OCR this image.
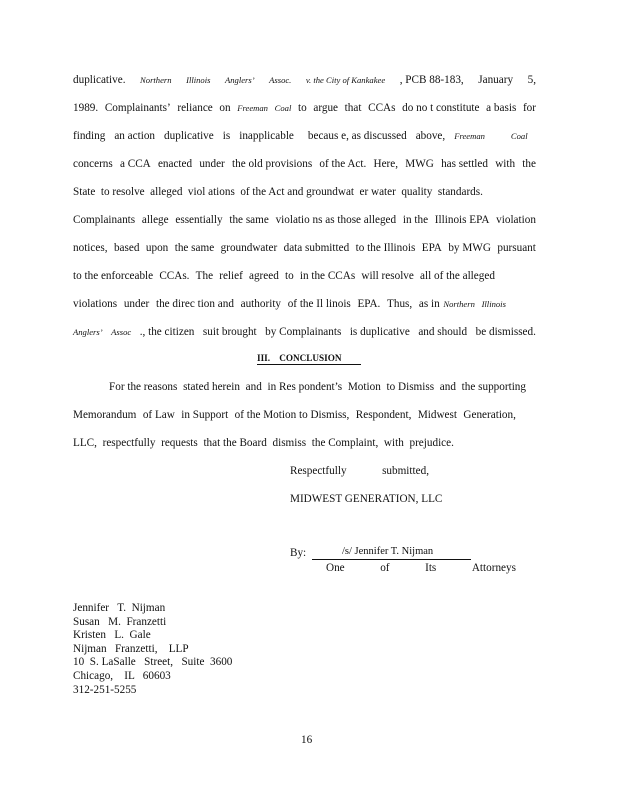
duplicative. Northern Illinois Anglers’ Assoc. v. the City of Kankakee , PCB 88-183, January 5,
1989. Complainants’ reliance on Freeman Coal to argue that CCAs do no t constitute a basis for
finding an action duplicative is inapplicable becaus e, as discussed above, Freeman	Coal
concerns a CCA enacted under the old provisions of the Act. Here, MWG has settled with the
State to resolve alleged viol ations of the Act and groundwat er water quality standards.
Complainants allege essentially the same violatio ns as those alleged in the Illinois EPA violation
notices, based upon the same groundwater data submitted to the Illinois EPA by MWG pursuant
to the enforceable CCAs. The relief agreed to in the CCAs will resolve all of the alleged
violations under the direc tion and authority of the Il linois EPA. Thus, as in Northern Illinois
Anglers’ Assoc ., the citizen suit brought by Complainants is duplicative and should be dismissed.
III.    CONCLUSION
For the reasons stated herein and in Res pondent’s Motion to Dismiss and the supporting
Memorandum of Law in Support of the Motion to Dismiss, Respondent, Midwest Generation,
LLC, respectfully requests that the Board dismiss the Complaint, with prejudice.
Respectfully	submitted,
MIDWEST GENERATION, LLC
By:	/s/ Jennifer T. Nijman
One	of	Its	Attorneys
Jennifer   T.  Nijman
Susan   M.  Franzetti
Kristen   L.  Gale
Nijman   Franzetti,    LLP
10  S. LaSalle   Street,   Suite  3600
Chicago,    IL   60603
312-251-5255
16
